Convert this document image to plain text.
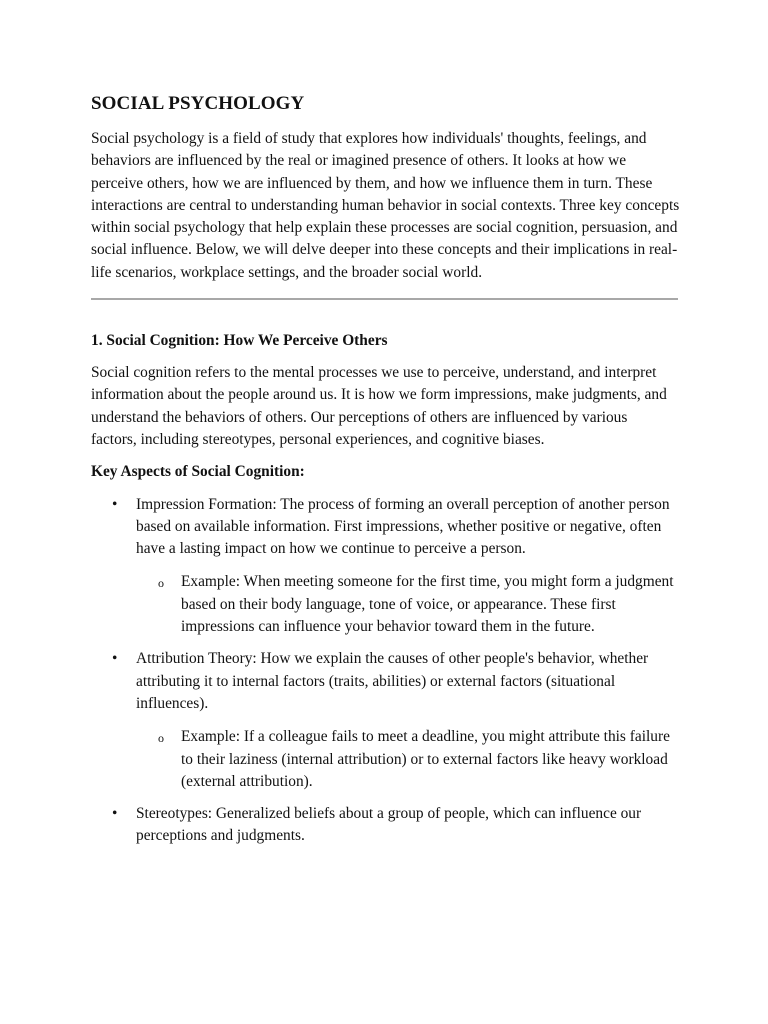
SOCIAL PSYCHOLOGY

Social psychology is a field of study that explores how individuals' thoughts, feelings, and behaviors are influenced by the real or imagined presence of others. It looks at how we perceive others, how we are influenced by them, and how we influence them in turn. These interactions are central to understanding human behavior in social contexts. Three key concepts within social psychology that help explain these processes are social cognition, persuasion, and social influence. Below, we will delve deeper into these concepts and their implications in real-life scenarios, workplace settings, and the broader social world.

1. Social Cognition: How We Perceive Others

Social cognition refers to the mental processes we use to perceive, understand, and interpret information about the people around us. It is how we form impressions, make judgments, and understand the behaviors of others. Our perceptions of others are influenced by various factors, including stereotypes, personal experiences, and cognitive biases.

Key Aspects of Social Cognition:

• Impression Formation: The process of forming an overall perception of another person based on available information. First impressions, whether positive or negative, often have a lasting impact on how we continue to perceive a person.
o Example: When meeting someone for the first time, you might form a judgment based on their body language, tone of voice, or appearance. These first impressions can influence your behavior toward them in the future.
• Attribution Theory: How we explain the causes of other people's behavior, whether attributing it to internal factors (traits, abilities) or external factors (situational influences).
o Example: If a colleague fails to meet a deadline, you might attribute this failure to their laziness (internal attribution) or to external factors like heavy workload (external attribution).
• Stereotypes: Generalized beliefs about a group of people, which can influence our perceptions and judgments.
